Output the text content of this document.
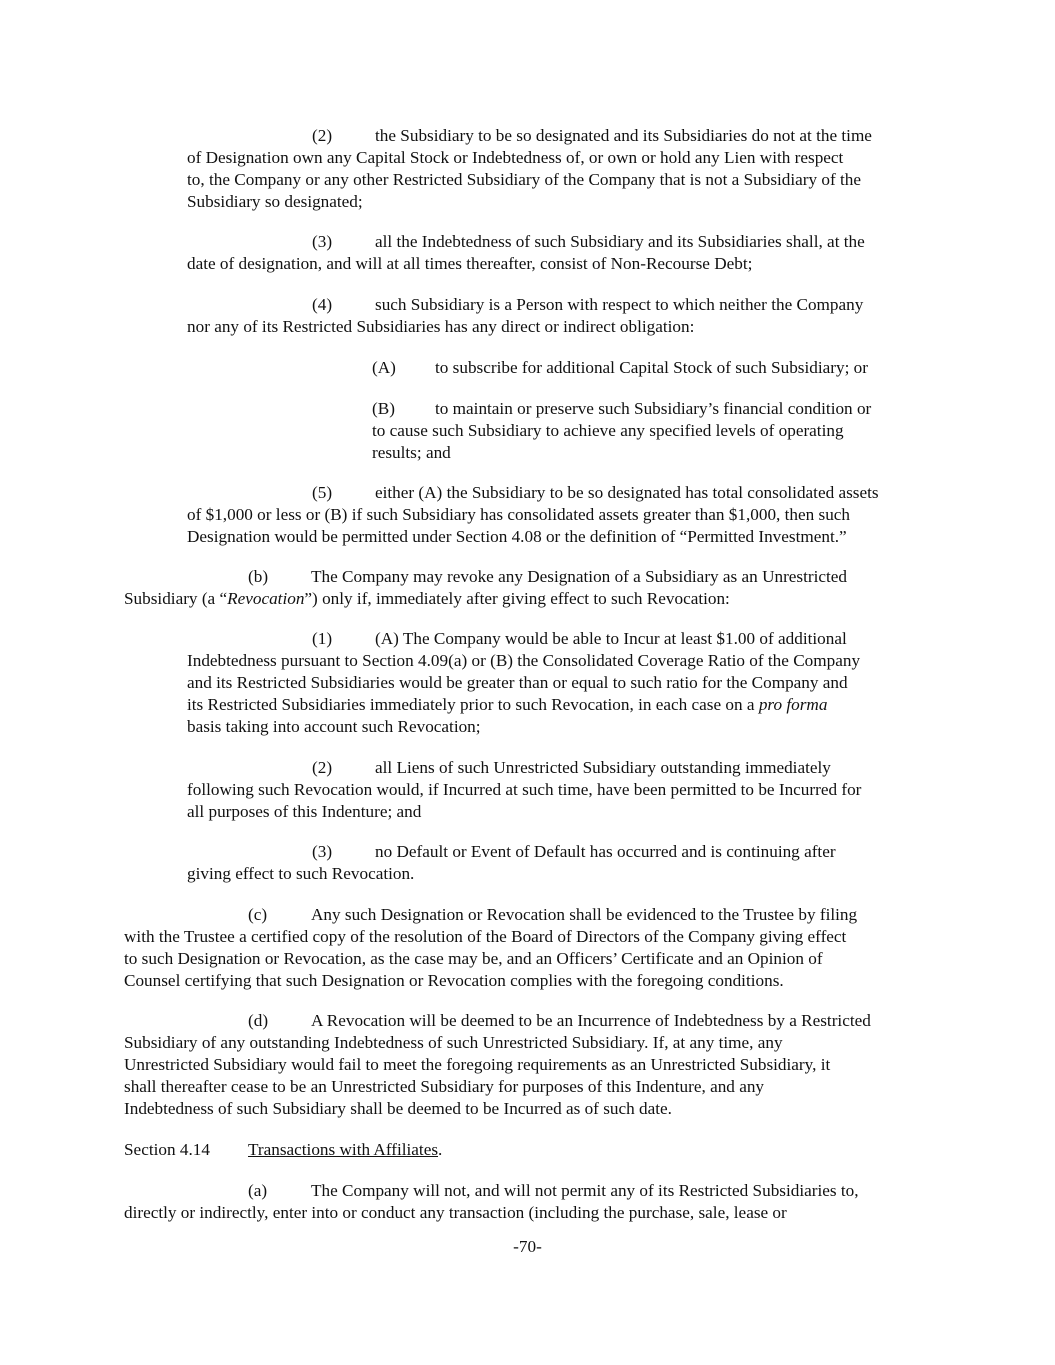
(2) the Subsidiary to be so designated and its Subsidiaries do not at the time
of Designation own any Capital Stock or Indebtedness of, or own or hold any Lien with respect
to, the Company or any other Restricted Subsidiary of the Company that is not a Subsidiary of the
Subsidiary so designated;
(3) all the Indebtedness of such Subsidiary and its Subsidiaries shall, at the
date of designation, and will at all times thereafter, consist of Non-Recourse Debt;
(4) such Subsidiary is a Person with respect to which neither the Company
nor any of its Restricted Subsidiaries has any direct or indirect obligation:
(A) to subscribe for additional Capital Stock of such Subsidiary; or
(B) to maintain or preserve such Subsidiary’s financial condition or
to cause such Subsidiary to achieve any specified levels of operating
results; and
(5) either (A) the Subsidiary to be so designated has total consolidated assets
of $1,000 or less or (B) if such Subsidiary has consolidated assets greater than $1,000, then such
Designation would be permitted under Section 4.08 or the definition of “Permitted Investment.”
(b) The Company may revoke any Designation of a Subsidiary as an Unrestricted
Subsidiary (a “Revocation”) only if, immediately after giving effect to such Revocation:
(1) (A) The Company would be able to Incur at least $1.00 of additional
Indebtedness pursuant to Section 4.09(a) or (B) the Consolidated Coverage Ratio of the Company
and its Restricted Subsidiaries would be greater than or equal to such ratio for the Company and
its Restricted Subsidiaries immediately prior to such Revocation, in each case on a pro forma
basis taking into account such Revocation;
(2) all Liens of such Unrestricted Subsidiary outstanding immediately
following such Revocation would, if Incurred at such time, have been permitted to be Incurred for
all purposes of this Indenture; and
(3) no Default or Event of Default has occurred and is continuing after
giving effect to such Revocation.
(c)	Any such Designation or Revocation shall be evidenced to the Trustee by filing
with the Trustee a certified copy of the resolution of the Board of Directors of the Company giving effect
to such Designation or Revocation, as the case may be, and an Officers’ Certificate and an Opinion of
Counsel certifying that such Designation or Revocation complies with the foregoing conditions.
(d) A Revocation will be deemed to be an Incurrence of Indebtedness by a Restricted
Subsidiary of any outstanding Indebtedness of such Unrestricted Subsidiary. If, at any time, any
Unrestricted Subsidiary would fail to meet the foregoing requirements as an Unrestricted Subsidiary, it
shall thereafter cease to be an Unrestricted Subsidiary for purposes of this Indenture, and any
Indebtedness of such Subsidiary shall be deemed to be Incurred as of such date.
Section 4.14 Transactions with Affiliates.
(a)	The Company will not, and will not permit any of its Restricted Subsidiaries to,
directly or indirectly, enter into or conduct any transaction (including the purchase, sale, lease or
-70-
